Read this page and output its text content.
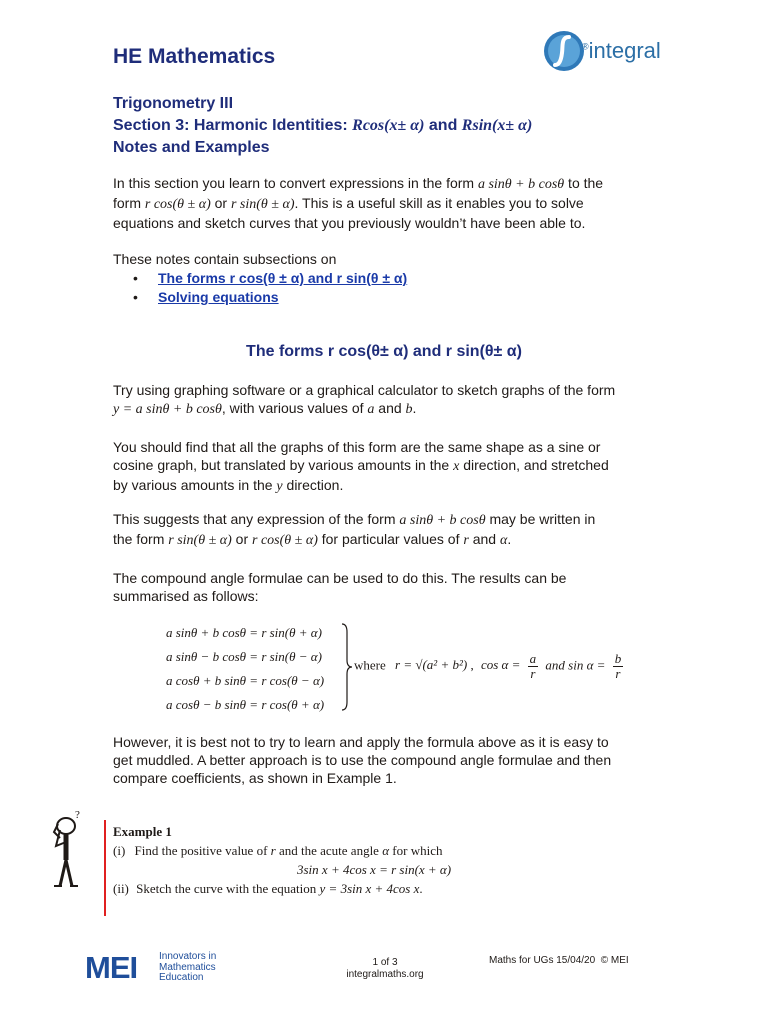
HE Mathematics	®integral
Trigonometry III
Section 3: Harmonic Identities: Rcos(x± α) and Rsin(x± α)
Notes and Examples
In this section you learn to convert expressions in the form a sinθ + b cosθ to the
form r cos(θ ± α) or r sin(θ ± α). This is a useful skill as it enables you to solve
equations and sketch curves that you previously wouldn’t have been able to.
These notes contain subsections on
• The forms r cos(θ ± α) and r sin(θ ± α)
• Solving equations
The forms r cos(θ± α) and r sin(θ± α)
Try using graphing software or a graphical calculator to sketch graphs of the form
y = a sinθ + b cosθ, with various values of a and b.
You should find that all the graphs of this form are the same shape as a sine or
cosine graph, but translated by various amounts in the x direction, and stretched
by various amounts in the y direction.
This suggests that any expression of the form a sinθ + b cosθ may be written in
the form r sin(θ ± α) or r cos(θ ± α) for particular values of r and α.
The compound angle formulae can be used to do this. The results can be
summarised as follows:
a sinθ + b cosθ = r sin(θ + α)
a sinθ − b cosθ = r sin(θ − α)
a cosθ + b sinθ = r cos(θ − α)
a cosθ − b sinθ = r cos(θ + α)
where r = √(a² + b²) , $\cos \alpha = \frac{a}{r}$ and $\sin \alpha = \frac{b}{r}$
However, it is best not to try to learn and apply the formula above as it is easy to
get muddled. A better approach is to use the compound angle formulae and then
compare coefficients, as shown in Example 1.
?
Example 1
(i) Find the positive value of r and the acute angle α for which
3sin x + 4cos x = r sin(x + α)
(ii) Sketch the curve with the equation y = 3sin x + 4cos x.
MEI Innovators in
Mathematics
Education
1 of 3
integralmaths.org
Maths for UGs 15/04/20  © MEI
